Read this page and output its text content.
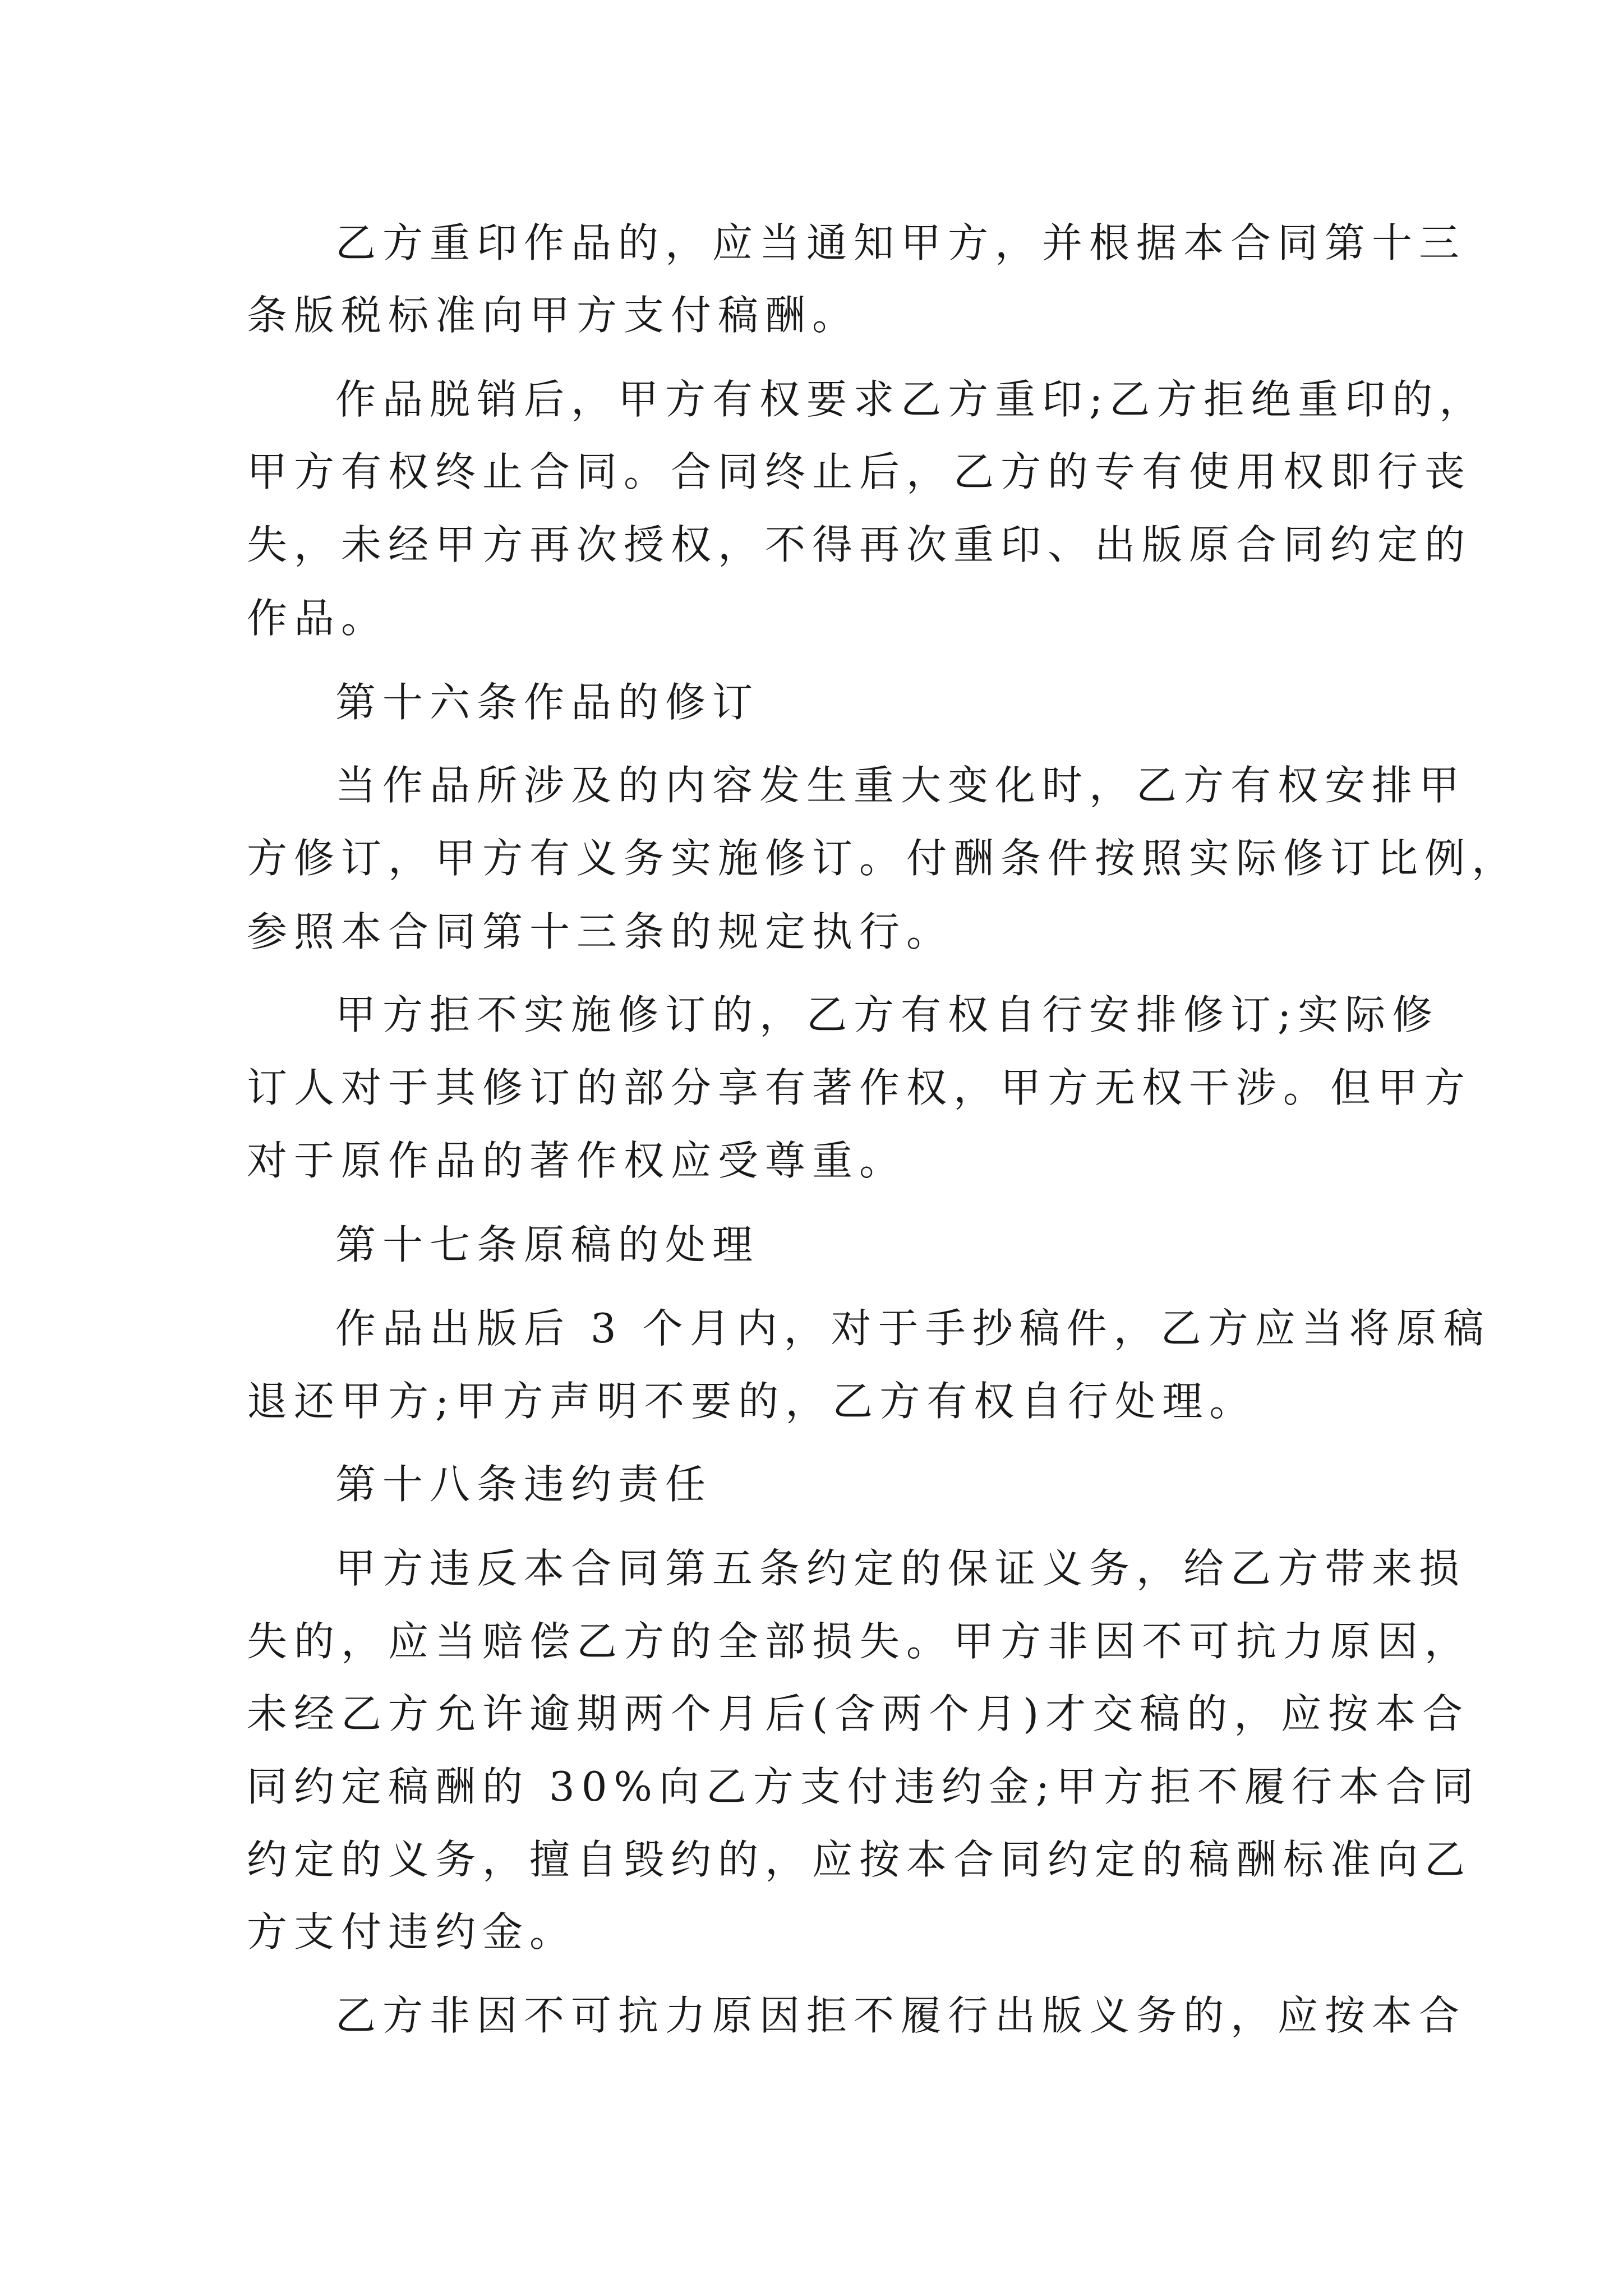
乙方重印作品的，应当通知甲方，并根据本合同第十三
条版税标准向甲方支付稿酬。
作品脱销后，甲方有权要求乙方重印;乙方拒绝重印的，
甲方有权终止合同。合同终止后，乙方的专有使用权即行丧
失，未经甲方再次授权，不得再次重印、出版原合同约定的
作品。
第十六条作品的修订
当作品所涉及的内容发生重大变化时，乙方有权安排甲
方修订，甲方有义务实施修订。付酬条件按照实际修订比例，
参照本合同第十三条的规定执行。
甲方拒不实施修订的，乙方有权自行安排修订;实际修
订人对于其修订的部分享有著作权，甲方无权干涉。但甲方
对于原作品的著作权应受尊重。
第十七条原稿的处理
作品出版后 3 个月内，对于手抄稿件，乙方应当将原稿
退还甲方;甲方声明不要的，乙方有权自行处理。
第十八条违约责任
甲方违反本合同第五条约定的保证义务，给乙方带来损
失的，应当赔偿乙方的全部损失。甲方非因不可抗力原因，
未经乙方允许逾期两个月后(含两个月)才交稿的，应按本合
同约定稿酬的 30%向乙方支付违约金;甲方拒不履行本合同
约定的义务，擅自毁约的，应按本合同约定的稿酬标准向乙
方支付违约金。
乙方非因不可抗力原因拒不履行出版义务的，应按本合
